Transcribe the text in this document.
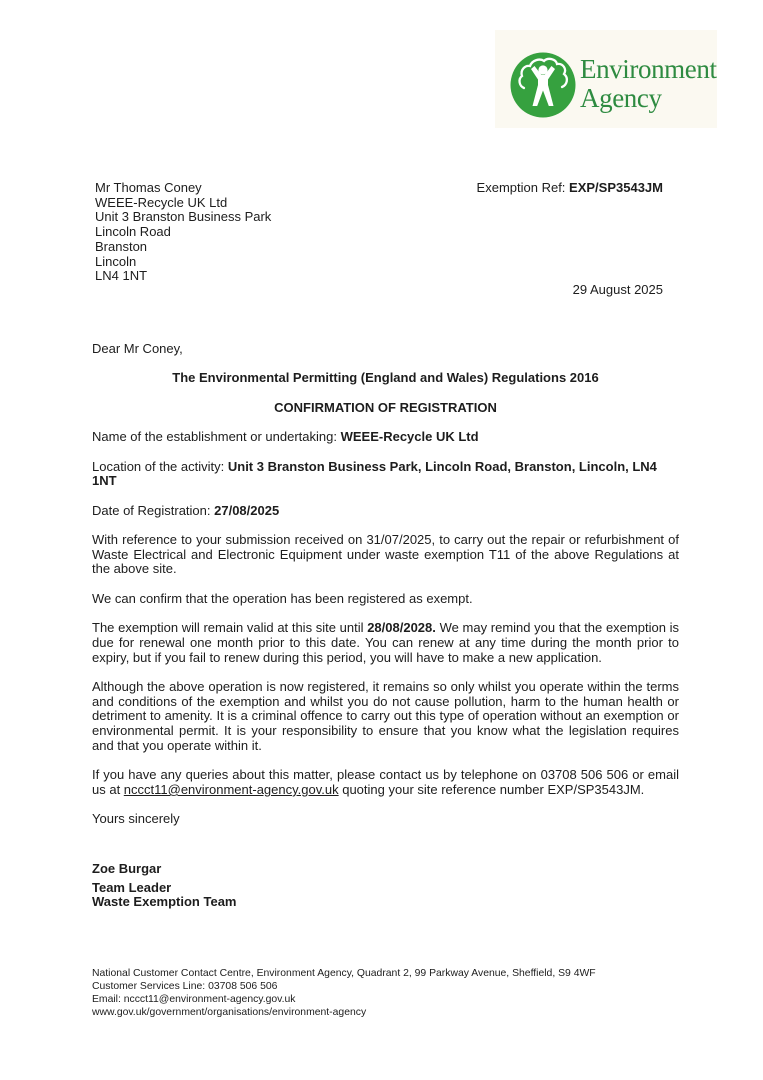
Environment
Agency
Mr Thomas Coney
WEEE-Recycle UK Ltd
Unit 3 Branston Business Park
Lincoln Road
Branston
Lincoln
LN4 1NT
Exemption Ref: EXP/SP3543JM
29 August 2025

Dear Mr Coney,

The Environmental Permitting (England and Wales) Regulations 2016

CONFIRMATION OF REGISTRATION

Name of the establishment or undertaking: WEEE-Recycle UK Ltd

Location of the activity: Unit 3 Branston Business Park, Lincoln Road, Branston, Lincoln, LN4 1NT

Date of Registration: 27/08/2025

With reference to your submission received on 31/07/2025, to carry out the repair or refurbishment of Waste Electrical and Electronic Equipment under waste exemption T11 of the above Regulations at the above site.

We can confirm that the operation has been registered as exempt.

The exemption will remain valid at this site until 28/08/2028. We may remind you that the exemption is due for renewal one month prior to this date. You can renew at any time during the month prior to expiry, but if you fail to renew during this period, you will have to make a new application.

Although the above operation is now registered, it remains so only whilst you operate within the terms and conditions of the exemption and whilst you do not cause pollution, harm to the human health or detriment to amenity. It is a criminal offence to carry out this type of operation without an exemption or environmental permit. It is your responsibility to ensure that you know what the legislation requires and that you operate within it.

If you have any queries about this matter, please contact us by telephone on 03708 506 506 or email us at nccct11@environment-agency.gov.uk quoting your site reference number EXP/SP3543JM.

Yours sincerely

Zoe Burgar

Team Leader
Waste Exemption Team

National Customer Contact Centre, Environment Agency, Quadrant 2, 99 Parkway Avenue, Sheffield, S9 4WF
Customer Services Line: 03708 506 506
Email: nccct11@environment-agency.gov.uk
www.gov.uk/government/organisations/environment-agency
